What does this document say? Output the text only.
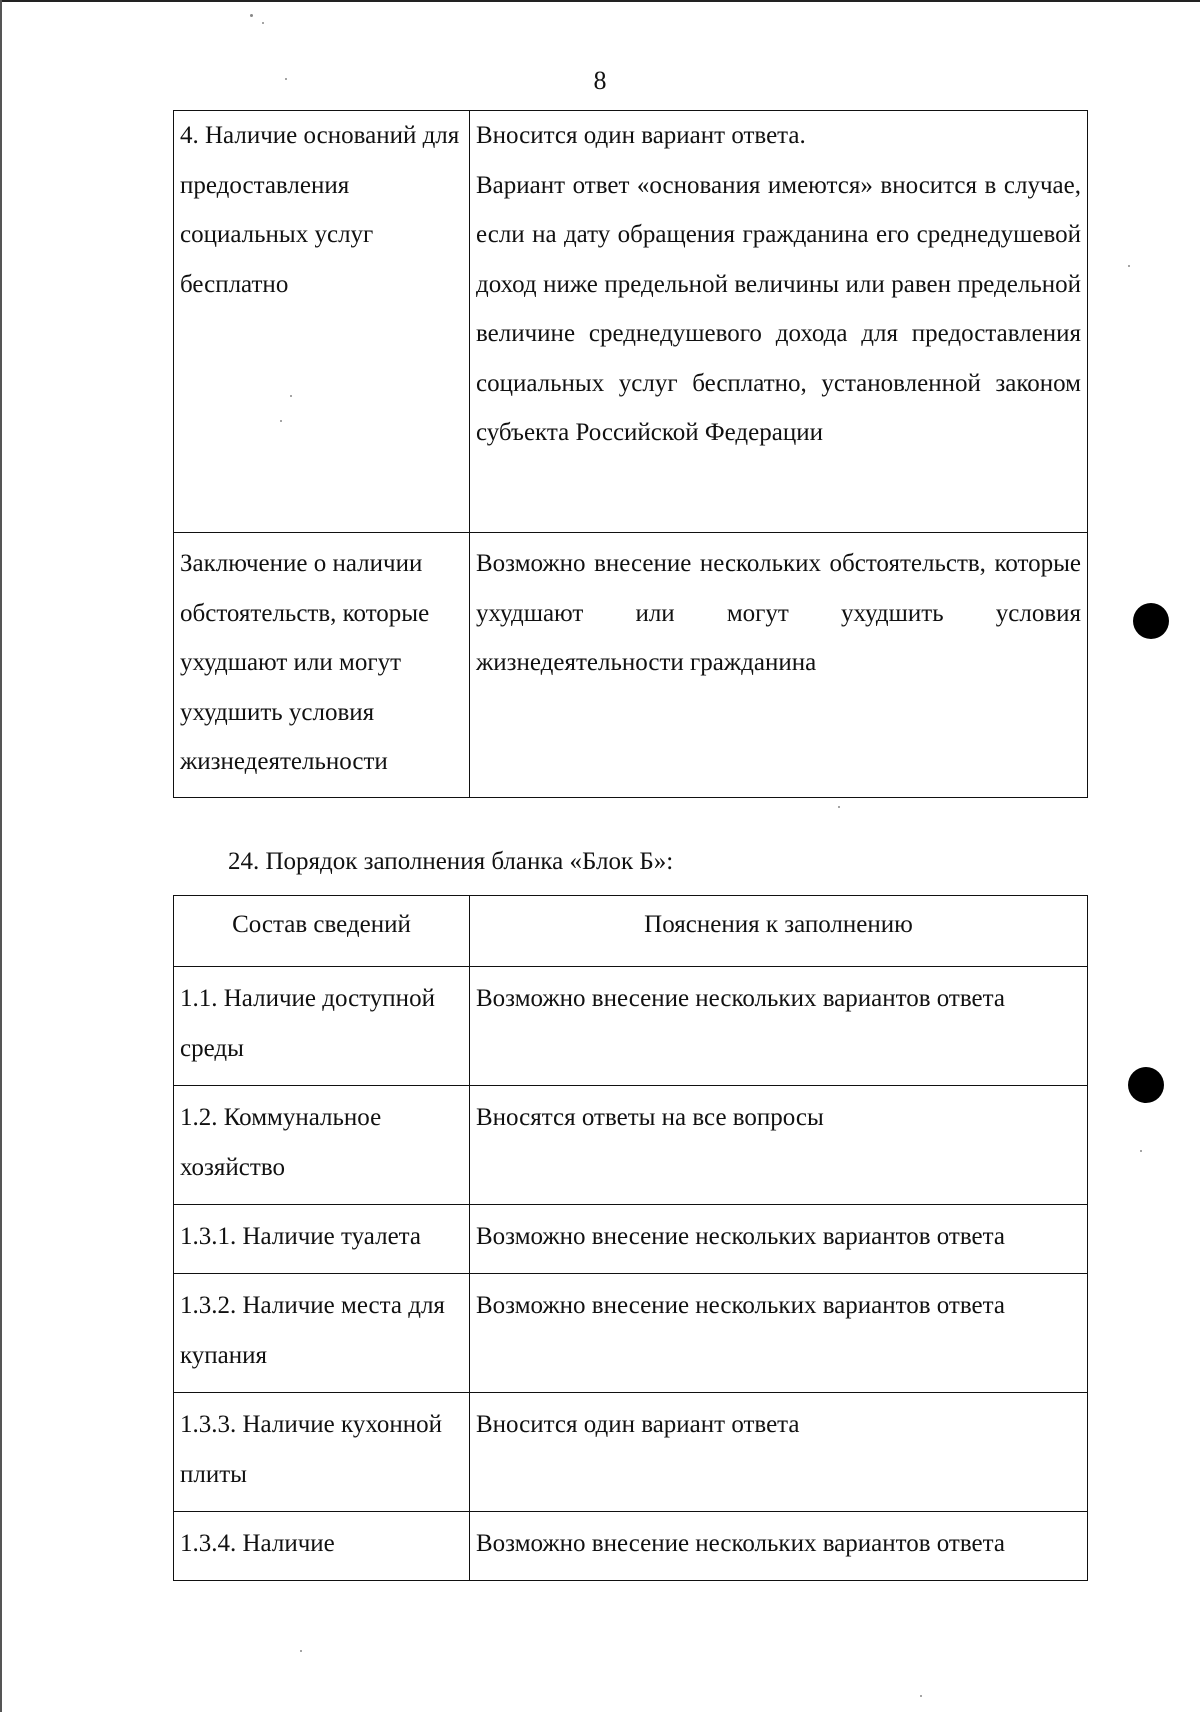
8
4. Наличие оснований для предоставления социальных услуг бесплатно	Вносится один вариант ответа.
Вариант ответ «основания имеются» вносится в случае, если на дату обращения гражданина его среднедушевой доход ниже предельной величины или равен предельной величине среднедушевого дохода для предоставления социальных услуг бесплатно, установленной законом субъекта Российской Федерации

Заключение о наличии обстоятельств, которые ухудшают или могут ухудшить условия жизнедеятельности	Возможно внесение нескольких обстоятельств, которые ухудшают или могут ухудшить условия жизнедеятельности гражданина
24. Порядок заполнения бланка «Блок Б»:
Состав сведений	Пояснения к заполнению
1.1. Наличие доступной среды	Возможно внесение нескольких вариантов ответа
1.2. Коммунальное хозяйство	Вносятся ответы на все вопросы
1.3.1. Наличие туалета	Возможно внесение нескольких вариантов ответа
1.3.2. Наличие места для купания	Возможно внесение нескольких вариантов ответа
1.3.3. Наличие кухонной плиты	Вносится один вариант ответа
1.3.4. Наличие	Возможно внесение нескольких вариантов ответа
